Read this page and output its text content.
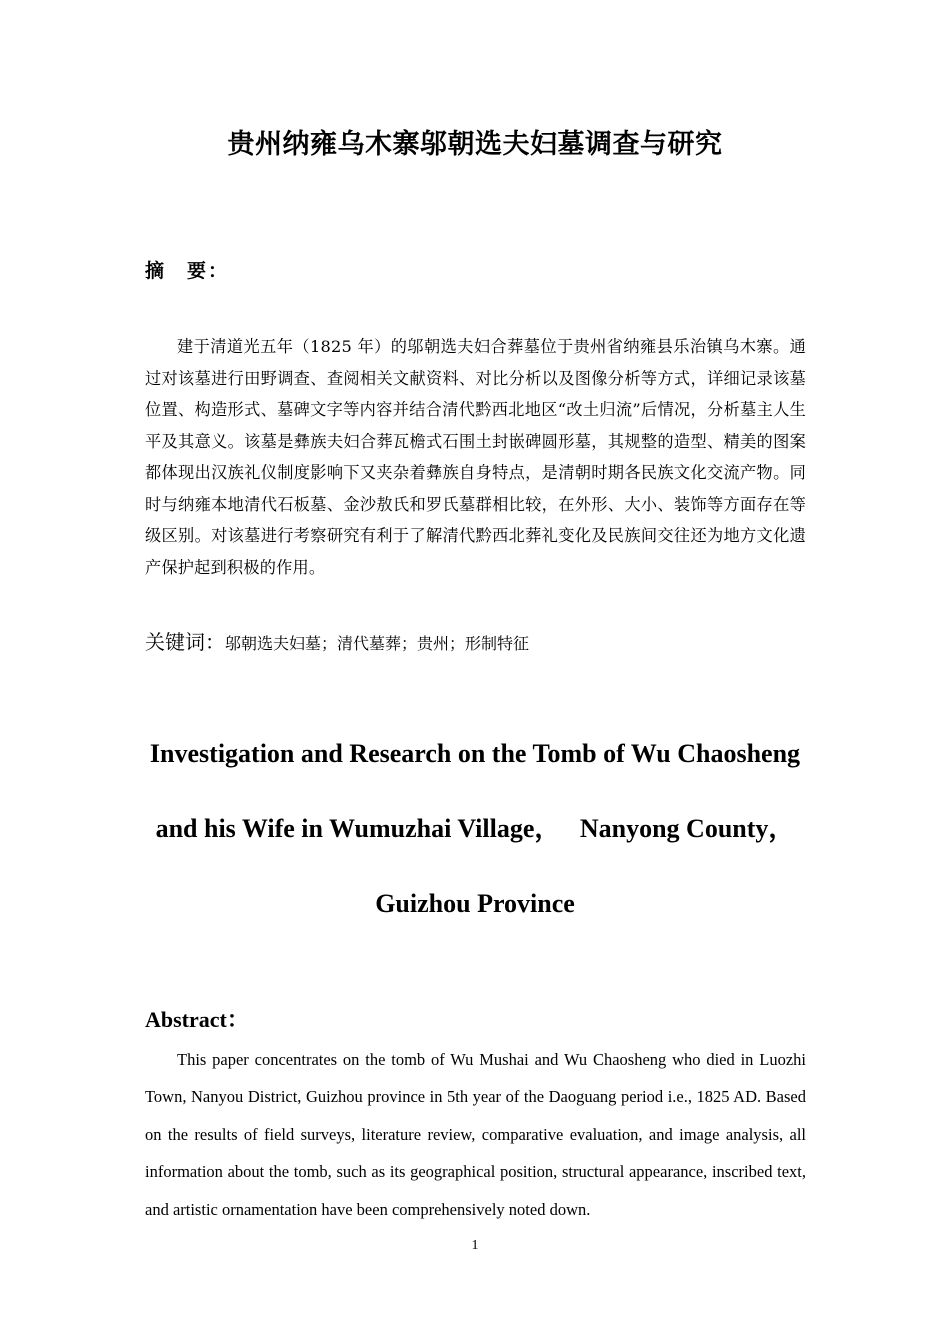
贵州纳雍乌木寨邬朝选夫妇墓调查与研究
摘　要：

建于清道光五年（1825 年）的邬朝选夫妇合葬墓位于贵州省纳雍县乐治镇乌木寨。通过对该墓进行田野调查、查阅相关文献资料、对比分析以及图像分析等方式，详细记录该墓位置、构造形式、墓碑文字等内容并结合清代黔西北地区“改土归流”后情况，分析墓主人生平及其意义。该墓是彝族夫妇合葬瓦檐式石围土封嵌碑圆形墓，其规整的造型、精美的图案都体现出汉族礼仪制度影响下又夹杂着彝族自身特点，是清朝时期各民族文化交流产物。同时与纳雍本地清代石板墓、金沙敖氏和罗氏墓群相比较，在外形、大小、装饰等方面存在等级区别。对该墓进行考察研究有利于了解清代黔西北葬礼变化及民族间交往还为地方文化遗产保护起到积极的作用。

关键词：邬朝选夫妇墓；清代墓葬；贵州；形制特征
Investigation and Research on the Tomb of Wu Chaosheng
and his Wife in Wumuzhai Village，   Nanyong County，
Guizhou Province
Abstract：

This paper concentrates on the tomb of Wu Mushai and Wu Chaosheng who died in Luozhi Town, Nanyou District, Guizhou province in 5th year of the Daoguang period i.e., 1825 AD. Based on the results of field surveys, literature review, comparative evaluation, and image analysis, all information about the tomb, such as its geographical position, structural appearance, inscribed text, and artistic ornamentation have been comprehensively noted down.

1
